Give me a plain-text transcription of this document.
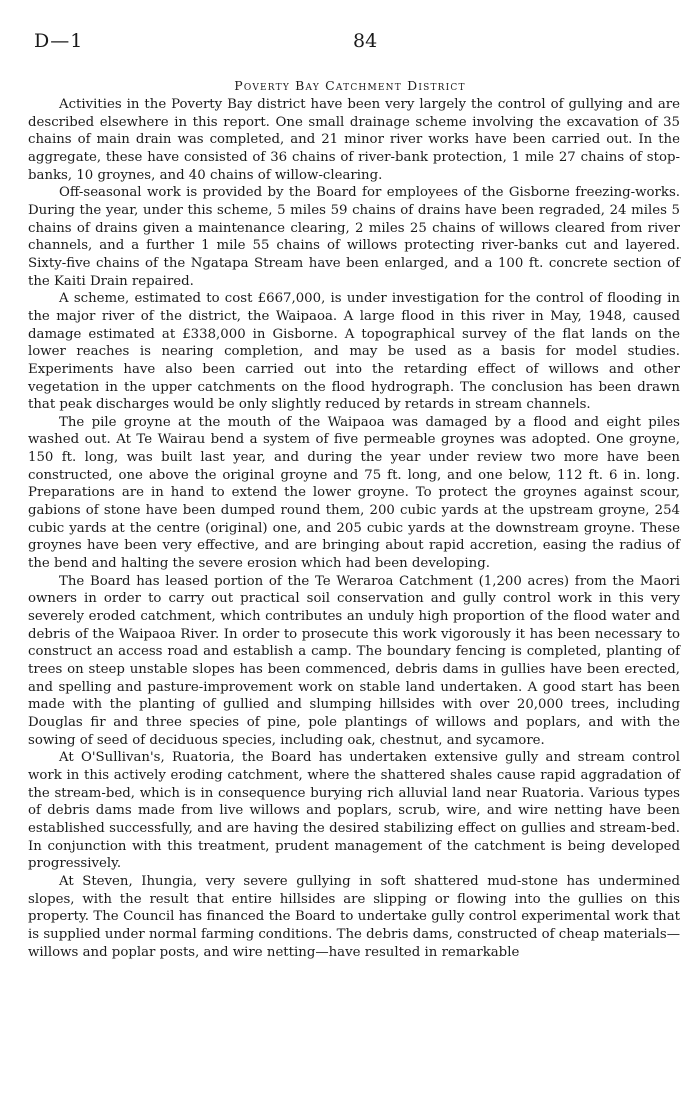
D—1	84
Poverty Bay Catchment District

Activities in the Poverty Bay district have been very largely the control of gullying and are described elsewhere in this report. One small drainage scheme involving the excavation of 35 chains of main drain was completed, and 21 minor river works have been carried out. In the aggregate, these have consisted of 36 chains of river-bank protection, 1 mile 27 chains of stop-banks, 10 groynes, and 40 chains of willow-clearing.

Off-seasonal work is provided by the Board for employees of the Gisborne freezing-works. During the year, under this scheme, 5 miles 59 chains of drains have been regraded, 24 miles 5 chains of drains given a maintenance clearing, 2 miles 25 chains of willows cleared from river channels, and a further 1 mile 55 chains of willows protecting river-banks cut and layered. Sixty-five chains of the Ngatapa Stream have been enlarged, and a 100 ft. concrete section of the Kaiti Drain repaired.

A scheme, estimated to cost £667,000, is under investigation for the control of flooding in the major river of the district, the Waipaoa. A large flood in this river in May, 1948, caused damage estimated at £338,000 in Gisborne. A topographical survey of the flat lands on the lower reaches is nearing completion, and may be used as a basis for model studies. Experiments have also been carried out into the retarding effect of willows and other vegetation in the upper catchments on the flood hydrograph. The conclusion has been drawn that peak discharges would be only slightly reduced by retards in stream channels.

The pile groyne at the mouth of the Waipaoa was damaged by a flood and eight piles washed out. At Te Wairau bend a system of five permeable groynes was adopted. One groyne, 150 ft. long, was built last year, and during the year under review two more have been constructed, one above the original groyne and 75 ft. long, and one below, 112 ft. 6 in. long. Preparations are in hand to extend the lower groyne. To protect the groynes against scour, gabions of stone have been dumped round them, 200 cubic yards at the upstream groyne, 254 cubic yards at the centre (original) one, and 205 cubic yards at the downstream groyne. These groynes have been very effective, and are bringing about rapid accretion, easing the radius of the bend and halting the severe erosion which had been developing.

The Board has leased portion of the Te Weraroa Catchment (1,200 acres) from the Maori owners in order to carry out practical soil conservation and gully control work in this very severely eroded catchment, which contributes an unduly high proportion of the flood water and debris of the Waipaoa River. In order to prosecute this work vigorously it has been necessary to construct an access road and establish a camp. The boundary fencing is completed, planting of trees on steep unstable slopes has been commenced, debris dams in gullies have been erected, and spelling and pasture-improvement work on stable land undertaken. A good start has been made with the planting of gullied and slumping hillsides with over 20,000 trees, including Douglas fir and three species of pine, pole plantings of willows and poplars, and with the sowing of seed of deciduous species, including oak, chestnut, and sycamore.

At O'Sullivan's, Ruatoria, the Board has undertaken extensive gully and stream control work in this actively eroding catchment, where the shattered shales cause rapid aggradation of the stream-bed, which is in consequence burying rich alluvial land near Ruatoria. Various types of debris dams made from live willows and poplars, scrub, wire, and wire netting have been established successfully, and are having the desired stabilizing effect on gullies and stream-bed. In conjunction with this treatment, prudent management of the catchment is being developed progressively.

At Steven, Ihungia, very severe gullying in soft shattered mud-stone has undermined slopes, with the result that entire hillsides are slipping or flowing into the gullies on this property. The Council has financed the Board to undertake gully control experimental work that is supplied under normal farming conditions. The debris dams, constructed of cheap materials—willows and poplar posts, and wire netting—have resulted in remarkable
